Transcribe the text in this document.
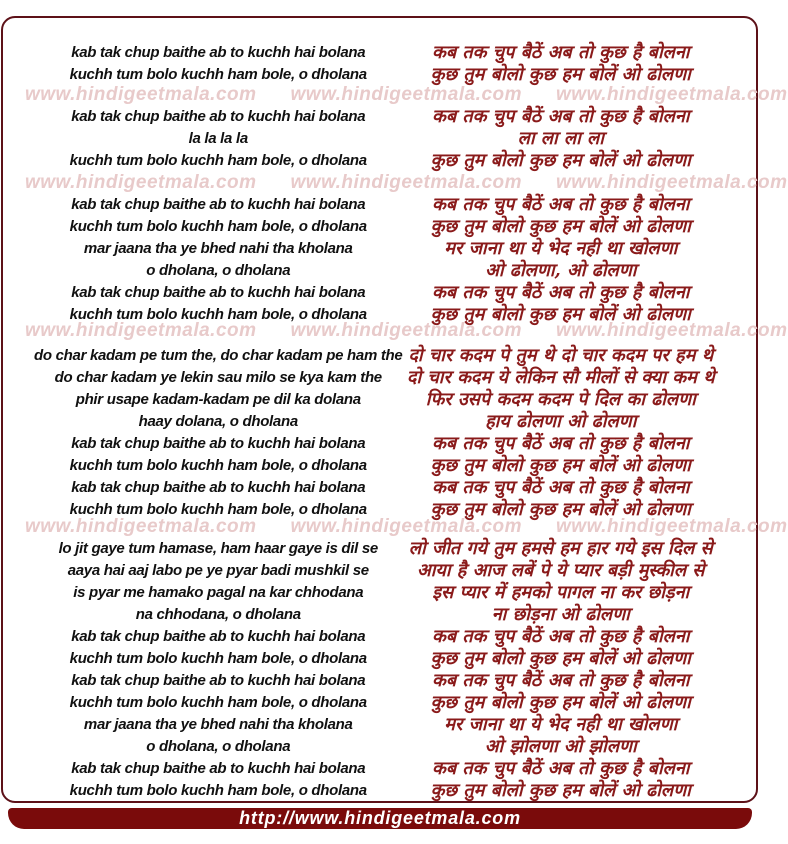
www.hindigeetmala.com www.hindigeetmala.com www.hindigeetmala.com
www.hindigeetmala.com www.hindigeetmala.com www.hindigeetmala.com
www.hindigeetmala.com www.hindigeetmala.com www.hindigeetmala.com
www.hindigeetmala.com www.hindigeetmala.com www.hindigeetmala.com
kab tak chup baithe ab to kuchh hai bolana
kuchh tum bolo kuchh ham bole, o dholana
कब तक चुप बैठें अब तो कुछ है बोलना
कुछ तुम बोलो कुछ हम बोलें ओ ढोलणा
kab tak chup baithe ab to kuchh hai bolana
la la la la
kuchh tum bolo kuchh ham bole, o dholana
कब तक चुप बैठें अब तो कुछ है बोलना
ला ला ला ला
कुछ तुम बोलो कुछ हम बोलें ओ ढोलणा
kab tak chup baithe ab to kuchh hai bolana
kuchh tum bolo kuchh ham bole, o dholana
mar jaana tha ye bhed nahi tha kholana
o dholana, o dholana
kab tak chup baithe ab to kuchh hai bolana
kuchh tum bolo kuchh ham bole, o dholana
कब तक चुप बैठें अब तो कुछ है बोलना
कुछ तुम बोलो कुछ हम बोलें ओ ढोलणा
मर जाना था ये भेद नही था खोलणा
ओ ढोलणा, ओ ढोलणा
कब तक चुप बैठें अब तो कुछ है बोलना
कुछ तुम बोलो कुछ हम बोलें ओ ढोलणा
do char kadam pe tum the, do char kadam pe ham the
do char kadam ye lekin sau milo se kya kam the
phir usape kadam-kadam pe dil ka dolana
haay dolana, o dholana
kab tak chup baithe ab to kuchh hai bolana
kuchh tum bolo kuchh ham bole, o dholana
kab tak chup baithe ab to kuchh hai bolana
kuchh tum bolo kuchh ham bole, o dholana
दो चार कदम पे तुम थे दो चार कदम पर हम थे
दो चार कदम ये लेकिन सौ मीलों से क्या कम थे
फिर उसपे कदम कदम पे दिल का ढोलणा
हाय ढोलणा ओ ढोलणा
कब तक चुप बैठें अब तो कुछ है बोलना
कुछ तुम बोलो कुछ हम बोलें ओ ढोलणा
कब तक चुप बैठें अब तो कुछ है बोलना
कुछ तुम बोलो कुछ हम बोलें ओ ढोलणा
lo jit gaye tum hamase, ham haar gaye is dil se
aaya hai aaj labo pe ye pyar badi mushkil se
is pyar me hamako pagal na kar chhodana
na chhodana, o dholana
kab tak chup baithe ab to kuchh hai bolana
kuchh tum bolo kuchh ham bole, o dholana
kab tak chup baithe ab to kuchh hai bolana
kuchh tum bolo kuchh ham bole, o dholana
mar jaana tha ye bhed nahi tha kholana
o dholana, o dholana
kab tak chup baithe ab to kuchh hai bolana
kuchh tum bolo kuchh ham bole, o dholana
लो जीत गये तुम हमसे हम हार गये इस दिल से
आया है आज लबें पे ये प्यार बड़ी मुस्कील से
इस प्यार में हमको पागल ना कर छोड़ना
ना छोड़ना ओ ढोलणा
कब तक चुप बैठें अब तो कुछ है बोलना
कुछ तुम बोलो कुछ हम बोलें ओ ढोलणा
कब तक चुप बैठें अब तो कुछ है बोलना
कुछ तुम बोलो कुछ हम बोलें ओ ढोलणा
मर जाना था ये भेद नही था खोलणा
ओ झोलणा ओ झोलणा
कब तक चुप बैठें अब तो कुछ है बोलना
कुछ तुम बोलो कुछ हम बोलें ओ ढोलणा
http://www.hindigeetmala.com
